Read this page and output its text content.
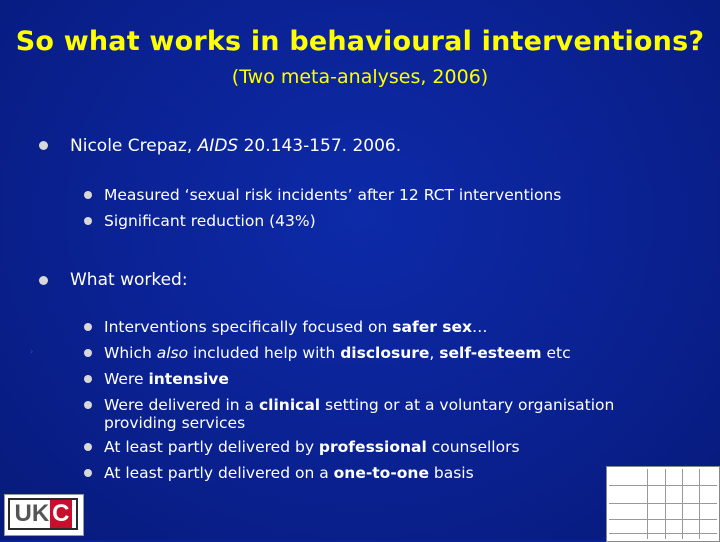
So what works in behavioural interventions?
(Two meta-analyses, 2006)
Nicole Crepaz, AIDS 20.143-157. 2006.
Measured ‘sexual risk incidents’ after 12 RCT interventions
Significant reduction (43%)
What worked:
›
Interventions specifically focused on safer sex…
Which also included help with disclosure, self-esteem etc
Were intensive
Were delivered in a clinical setting or at a voluntary organisation
providing services
At least partly delivered by professional counsellors
At least partly delivered on a one-to-one basis
UK C
